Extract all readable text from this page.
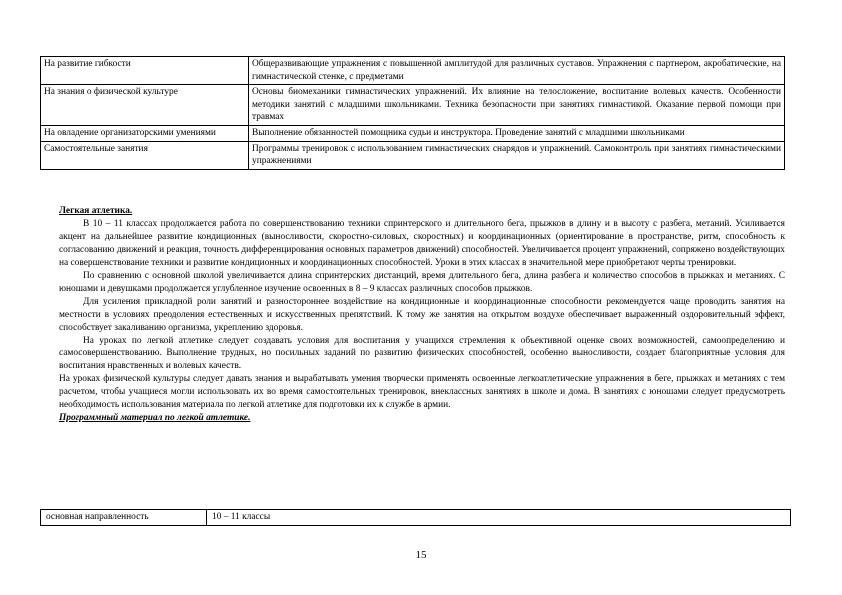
На развитие гибкости	Общеразвивающие упражнения с повышенной амплитудой для различных суставов. Упражнения с партнером, акробатические, на гимнастической стенке, с предметами
На знания о физической культуре	Основы биомеханики гимнастических упражнений. Их влияние на телосложение, воспитание волевых качеств. Особенности методики занятий с младшими школьниками. Техника безопасности при занятиях гимнастикой. Оказание первой помощи при травмах
На овладение организаторскими умениями	Выполнение обязанностей помощника судьи и инструктора. Проведение занятий с младшими школьниками
Самостоятельные занятия	Программы тренировок с использованием гимнастических снарядов и упражнений. Самоконтроль при занятиях гимнастическими упражнениями

Легкая атлетика.

В 10 – 11 классах продолжается работа по совершенствованию техники спринтерского и длительного бега, прыжков в длину и в высоту с разбега, метаний. Усиливается акцент на дальнейшее развитие кондиционных (выносливости, скоростно-силовых, скоростных) и координационных (ориентирование в пространстве, ритм, способность к согласованию движений и реакция, точность дифференцирования основных параметров движений) способностей. Увеличивается процент упражнений, сопряжено воздействующих на совершенствование техники и развитие кондиционных и координационных способностей. Уроки в этих классах в значительной мере приобретают черты тренировки.

По сравнению с основной школой увеличивается длина спринтерских дистанций, время длительного бега, длина разбега и количество способов в прыжках и метаниях. С юношами и девушками продолжается углубленное изучение освоенных в 8 – 9 классах различных способов прыжков.

Для усиления прикладной роли занятий и разностороннее воздействие на кондиционные и координационные способности рекомендуется чаще проводить занятия на местности в условиях преодоления естественных и искусственных препятствий. К тому же занятия на открытом воздухе обеспечивает выраженный оздоровительный эффект, способствует закаливанию организма, укреплению здоровья.

На уроках по легкой атлетике следует создавать условия для воспитания у учащихся стремления к объективной оценке своих возможностей, самоопределению и самосовершенствованию. Выполнение трудных, но посильных заданий по развитию физических способностей, особенно выносливости, создает благоприятные условия для воспитания нравственных и волевых качеств.

На уроках физической культуры следует давать знания и вырабатывать умения творчески применять освоенные легкоатлетические упражнения в беге, прыжках и метаниях с тем расчетом, чтобы учащиеся могли использовать их во время самостоятельных тренировок, внеклассных занятиях в школе и дома. В занятиях с юношами следует предусмотреть необходимость использования материала по легкой атлетике для подготовки их к службе в армии.

Программный материал по легкой атлетике.

основная направленность	10 – 11 классы
15
